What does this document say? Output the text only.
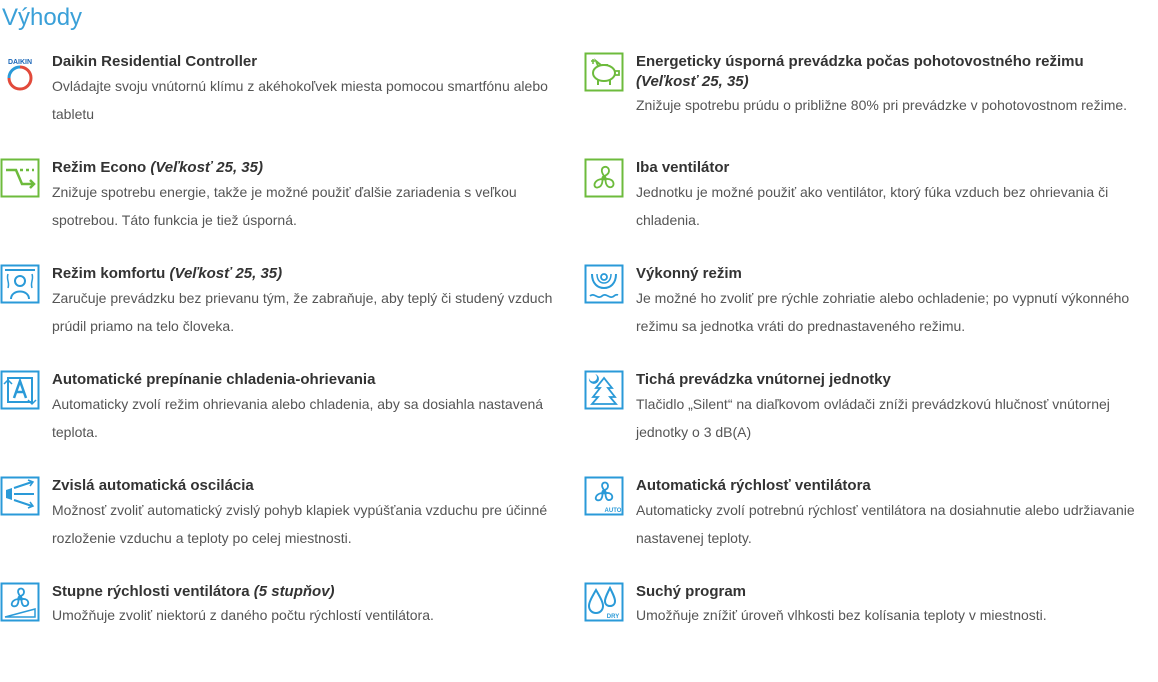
Výhody
DAIKIN Daikin Residential Controller
Ovládajte svoju vnútornú klímu z akéhokoľvek miesta pomocou smartfónu alebo tabletu
Režim Econo (Veľkosť 25, 35)
Znižuje spotrebu energie, takže je možné použiť ďalšie zariadenia s veľkou spotrebou. Táto funkcia je tiež úsporná.
Režim komfortu (Veľkosť 25, 35)
Zaručuje prevádzku bez prievanu tým, že zabraňuje, aby teplý či studený vzduch prúdil priamo na telo človeka.
Automatické prepínanie chladenia-ohrievania
Automaticky zvolí režim ohrievania alebo chladenia, aby sa dosiahla nastavená teplota.
Zvislá automatická oscilácia
Možnosť zvoliť automatický zvislý pohyb klapiek vypúšťania vzduchu pre účinné rozloženie vzduchu a teploty po celej miestnosti.
Stupne rýchlosti ventilátora (5 stupňov)
Umožňuje zvoliť niektorú z daného počtu rýchlostí ventilátora.
Energeticky úsporná prevádzka počas pohotovostného režimu
(Veľkosť 25, 35)
Znižuje spotrebu prúdu o približne 80% pri prevádzke v pohotovostnom režime.
Iba ventilátor
Jednotku je možné použiť ako ventilátor, ktorý fúka vzduch bez ohrievania či chladenia.
Výkonný režim
Je možné ho zvoliť pre rýchle zohriatie alebo ochladenie; po vypnutí výkonného režimu sa jednotka vráti do prednastaveného režimu.
Tichá prevádzka vnútornej jednotky
Tlačidlo „Silent“ na diaľkovom ovládači zníži prevádzkovú hlučnosť vnútornej jednotky o 3 dB(A)
AUTO
Automatická rýchlosť ventilátora
Automaticky zvolí potrebnú rýchlosť ventilátora na dosiahnutie alebo udržiavanie nastavenej teploty.
DRY
Suchý program
Umožňuje znížiť úroveň vlhkosti bez kolísania teploty v miestnosti.
